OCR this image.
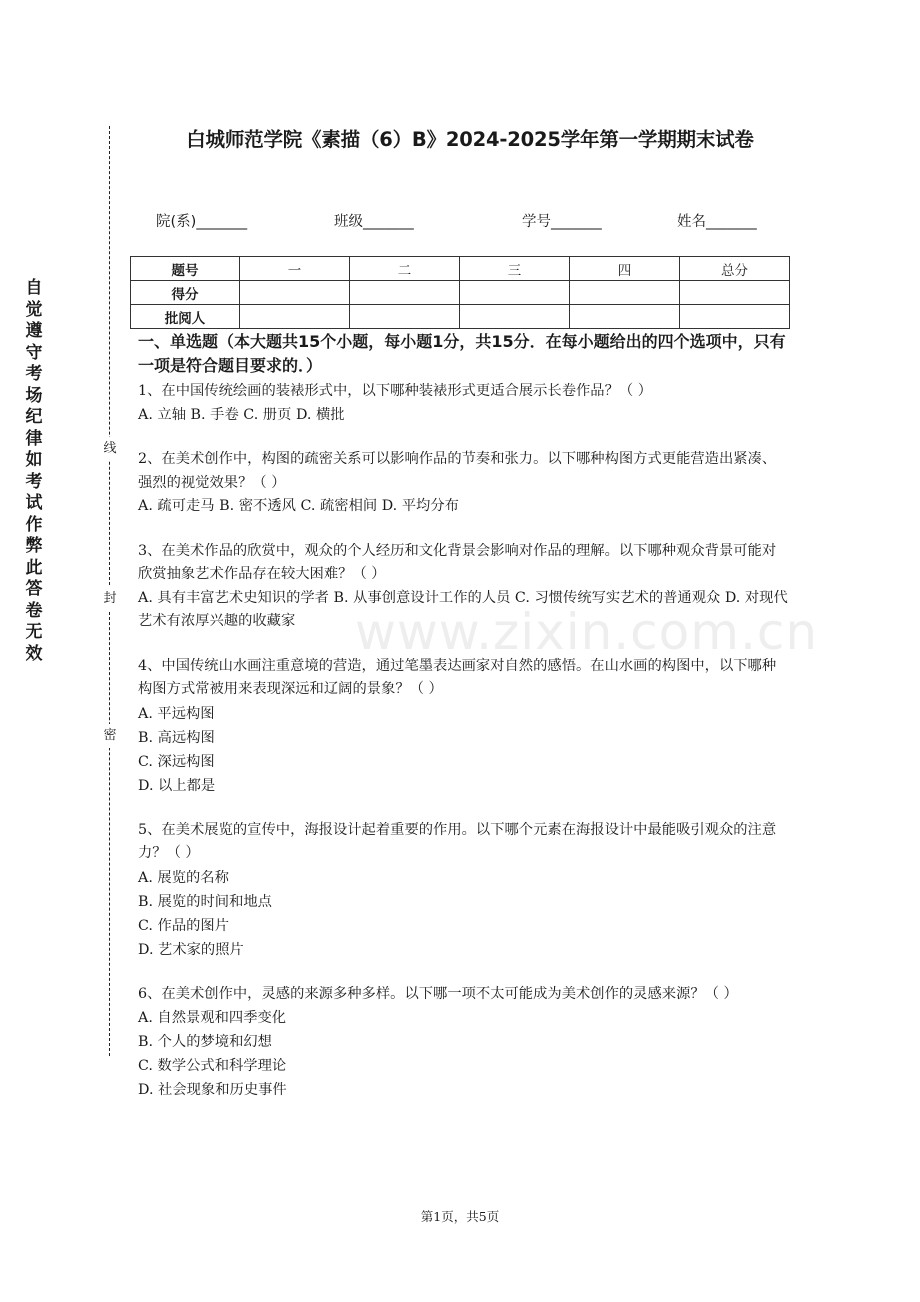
自觉遵守考场纪律如考试作弊此答卷无效
线
封
密
白城师范学院《素描（6）B》2024-2025学年第一学期期末试卷
院(系)_______	班级_______	学号_______	姓名_______
题号	一	二	三	四	总分
得分					
批阅人					
一、单选题（本大题共15个小题，每小题1分，共15分．在每小题给出的四个选项中，只有一项是符合题目要求的．）

1、在中国传统绘画的装裱形式中，以下哪种装裱形式更适合展示长卷作品？（ ）

A. 立轴 B. 手卷 C. 册页 D. 横批

2、在美术创作中，构图的疏密关系可以影响作品的节奏和张力。以下哪种构图方式更能营造出紧凑、强烈的视觉效果？（ ）

A. 疏可走马 B. 密不透风 C. 疏密相间 D. 平均分布

3、在美术作品的欣赏中，观众的个人经历和文化背景会影响对作品的理解。以下哪种观众背景可能对欣赏抽象艺术作品存在较大困难？（ ）

A. 具有丰富艺术史知识的学者 B. 从事创意设计工作的人员 C. 习惯传统写实艺术的普通观众 D. 对现代艺术有浓厚兴趣的收藏家

4、中国传统山水画注重意境的营造，通过笔墨表达画家对自然的感悟。在山水画的构图中，以下哪种构图方式常被用来表现深远和辽阔的景象？（ ）

A. 平远构图

B. 高远构图

C. 深远构图

D. 以上都是

5、在美术展览的宣传中，海报设计起着重要的作用。以下哪个元素在海报设计中最能吸引观众的注意力？（ ）

A. 展览的名称

B. 展览的时间和地点

C. 作品的图片

D. 艺术家的照片

6、在美术创作中，灵感的来源多种多样。以下哪一项不太可能成为美术创作的灵感来源？（ ）

A. 自然景观和四季变化

B. 个人的梦境和幻想

C. 数学公式和科学理论

D. 社会现象和历史事件

www.zixin.com.cn
第1页，共5页
